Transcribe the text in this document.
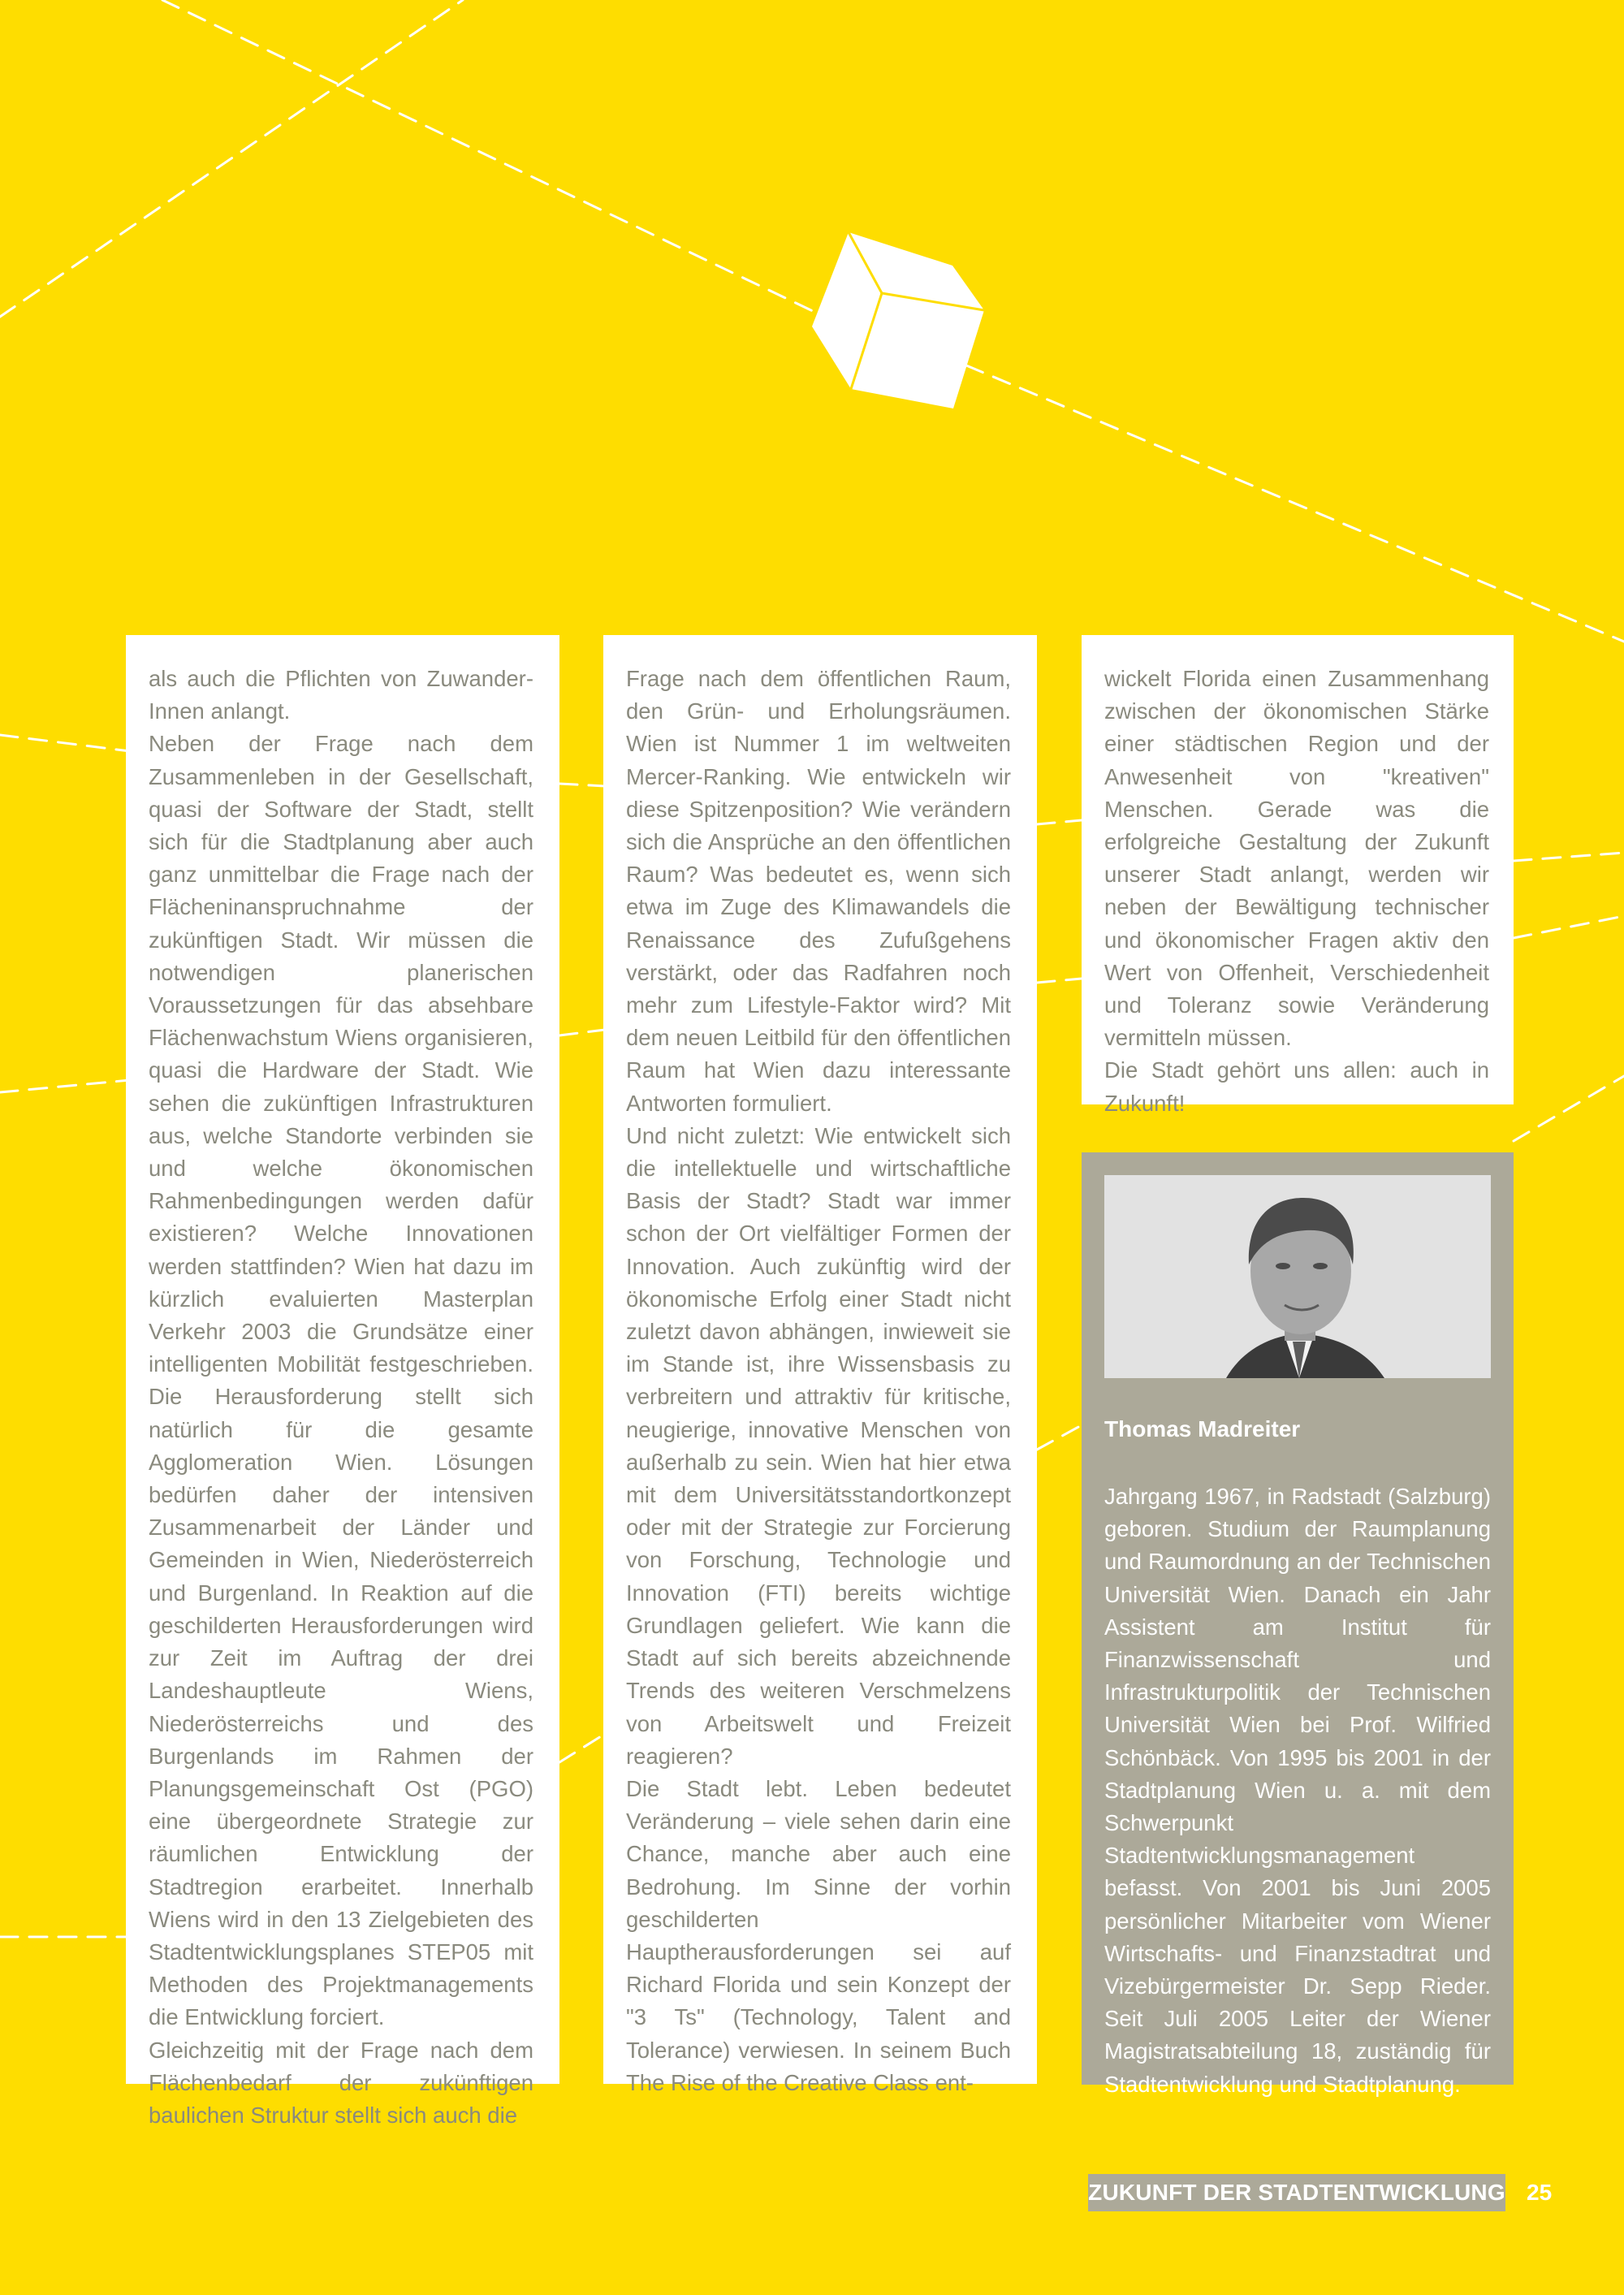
als auch die Pflichten von Zuwander-Innen anlangt.

Neben der Frage nach dem Zusammenleben in der Gesellschaft, quasi der Software der Stadt, stellt sich für die Stadtplanung aber auch ganz unmittelbar die Frage nach der Flächeninanspruchnahme der zukünftigen Stadt. Wir müssen die notwendigen planerischen Voraussetzungen für das absehbare Flächenwachstum Wiens organisieren, quasi die Hardware der Stadt. Wie sehen die zukünftigen Infrastrukturen aus, welche Standorte verbinden sie und welche ökonomischen Rahmenbedingungen werden dafür existieren? Welche Innovationen werden stattfinden? Wien hat dazu im kürzlich evaluierten Masterplan Verkehr 2003 die Grundsätze einer intelligenten Mobilität festgeschrieben. Die Herausforderung stellt sich natürlich für die gesamte Agglomeration Wien. Lösungen bedürfen daher der intensiven Zusammenarbeit der Länder und Gemeinden in Wien, Niederösterreich und Burgenland. In Reaktion auf die geschilderten Herausforderungen wird zur Zeit im Auftrag der drei Landeshauptleute Wiens, Niederösterreichs und des Burgenlands im Rahmen der Planungsgemeinschaft Ost (PGO) eine übergeordnete Strategie zur räumlichen Entwicklung der Stadtregion erarbeitet. Innerhalb Wiens wird in den 13 Zielgebieten des Stadtentwicklungsplanes STEP05 mit Methoden des Projektmanagements die Entwicklung forciert.

Gleichzeitig mit der Frage nach dem Flächenbedarf der zukünftigen baulichen Struktur stellt sich auch die

Frage nach dem öffentlichen Raum, den Grün- und Erholungsräumen. Wien ist Nummer 1 im weltweiten Mercer-Ranking. Wie entwickeln wir diese Spitzenposition? Wie verändern sich die Ansprüche an den öffentlichen Raum? Was bedeutet es, wenn sich etwa im Zuge des Klimawandels die Renaissance des Zufußgehens verstärkt, oder das Radfahren noch mehr zum Lifestyle-Faktor wird? Mit dem neuen Leitbild für den öffentlichen Raum hat Wien dazu interessante Antworten formuliert.

Und nicht zuletzt: Wie entwickelt sich die intellektuelle und wirtschaftliche Basis der Stadt? Stadt war immer schon der Ort vielfältiger Formen der Innovation. Auch zukünftig wird der ökonomische Erfolg einer Stadt nicht zuletzt davon abhängen, inwieweit sie im Stande ist, ihre Wissensbasis zu verbreitern und attraktiv für kritische, neugierige, innovative Menschen von außerhalb zu sein. Wien hat hier etwa mit dem Universitätsstandortkonzept oder mit der Strategie zur Forcierung von Forschung, Technologie und Innovation (FTI) bereits wichtige Grundlagen geliefert. Wie kann die Stadt auf sich bereits abzeichnende Trends des weiteren Verschmelzens von Arbeitswelt und Freizeit reagieren?

Die Stadt lebt. Leben bedeutet Veränderung – viele sehen darin eine Chance, manche aber auch eine Bedrohung. Im Sinne der vorhin geschilderten Hauptherausforderungen sei auf Richard Florida und sein Konzept der "3 Ts" (Technology, Talent and Tolerance) verwiesen. In seinem Buch The Rise of the Creative Class ent-

wickelt Florida einen Zusammenhang zwischen der ökonomischen Stärke einer städtischen Region und der Anwesenheit von "kreativen" Menschen. Gerade was die erfolgreiche Gestaltung der Zukunft unserer Stadt anlangt, werden wir neben der Bewältigung technischer und ökonomischer Fragen aktiv den Wert von Offenheit, Verschiedenheit und Toleranz sowie Veränderung vermitteln müssen.

Die Stadt gehört uns allen: auch in Zukunft!

Thomas Madreiter

Jahrgang 1967, in Radstadt (Salzburg) geboren. Studium der Raumplanung und Raumordnung an der Technischen Universität Wien. Danach ein Jahr Assistent am Institut für Finanzwissenschaft und Infrastrukturpolitik der Technischen Universität Wien bei Prof. Wilfried Schönbäck. Von 1995 bis 2001 in der Stadtplanung Wien u. a. mit dem Schwerpunkt Stadtentwicklungsmanagement befasst. Von 2001 bis Juni 2005 persönlicher Mitarbeiter vom Wiener Wirtschafts- und Finanzstadtrat und Vizebürgermeister Dr. Sepp Rieder. Seit Juli 2005 Leiter der Wiener Magistratsabteilung 18, zuständig für Stadtentwicklung und Stadtplanung.

ZUKUNFT DER STADTENTWICKLUNG 25
